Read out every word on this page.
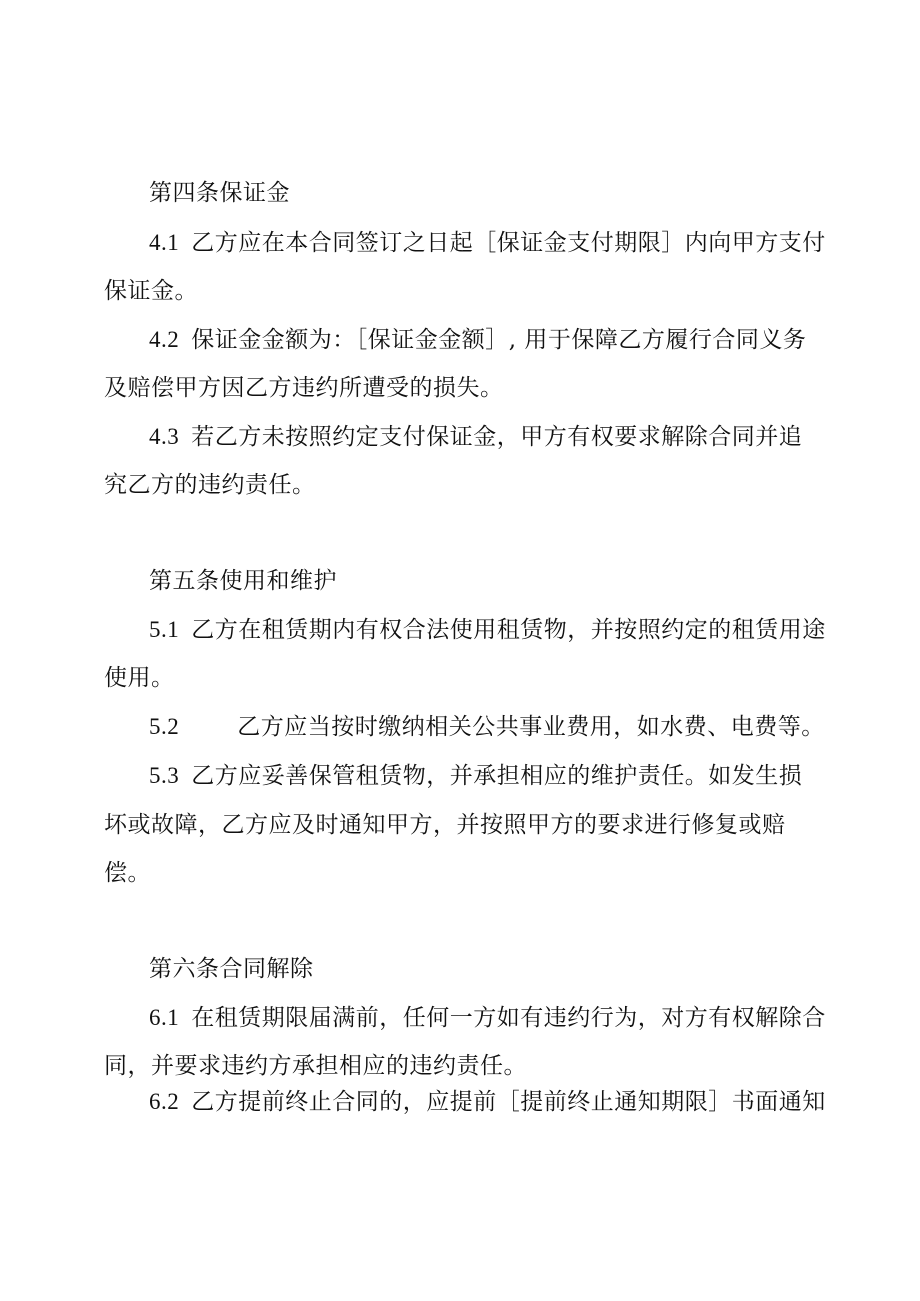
第四条保证金
4.1 乙方应在本合同签订之日起［保证金支付期限］内向甲方支付
保证金。
4.2 保证金金额为：［保证金金额］, 用于保障乙方履行合同义务
及赔偿甲方因乙方违约所遭受的损失。
4.3 若乙方未按照约定支付保证金，甲方有权要求解除合同并追
究乙方的违约责任。
第五条使用和维护
5.1 乙方在租赁期内有权合法使用租赁物，并按照约定的租赁用途
使用。
5.2	乙方应当按时缴纳相关公共事业费用，如水费、电费等。
5.3 乙方应妥善保管租赁物，并承担相应的维护责任。如发生损
坏或故障，乙方应及时通知甲方，并按照甲方的要求进行修复或赔
偿。
第六条合同解除
6.1 在租赁期限届满前，任何一方如有违约行为，对方有权解除合
同，并要求违约方承担相应的违约责任。
6.2 乙方提前终止合同的，应提前［提前终止通知期限］书面通知
